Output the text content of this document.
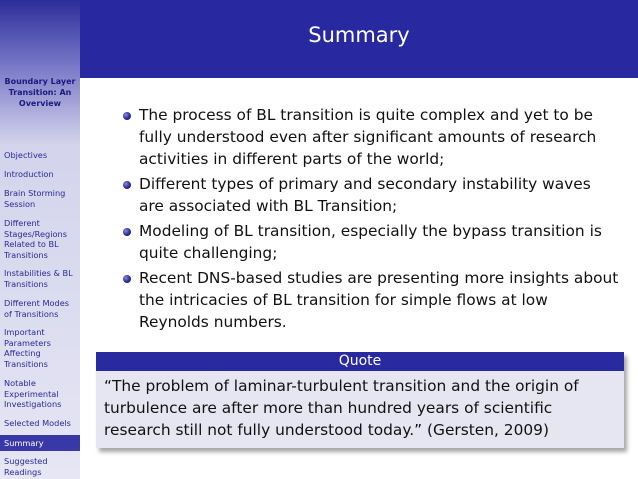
Boundary Layer Transition: An Overview
Objectives
Introduction
Brain Storming Session
Different Stages/Regions Related to BL Transitions
Instabilities & BL Transitions
Different Modes of Transitions
Important Parameters Affecting Transitions
Notable Experimental Investigations
Selected Models
Summary
Suggested Readings
Summary
The process of BL transition is quite complex and yet to be fully understood even after significant amounts of research activities in different parts of the world;
Different types of primary and secondary instability waves are associated with BL Transition;
Modeling of BL transition, especially the bypass transition is quite challenging;
Recent DNS-based studies are presenting more insights about the intricacies of BL transition for simple flows at low Reynolds numbers.
Quote
“The problem of laminar-turbulent transition and the origin of turbulence are after more than hundred years of scientific research still not fully understood today.” (Gersten, 2009)
